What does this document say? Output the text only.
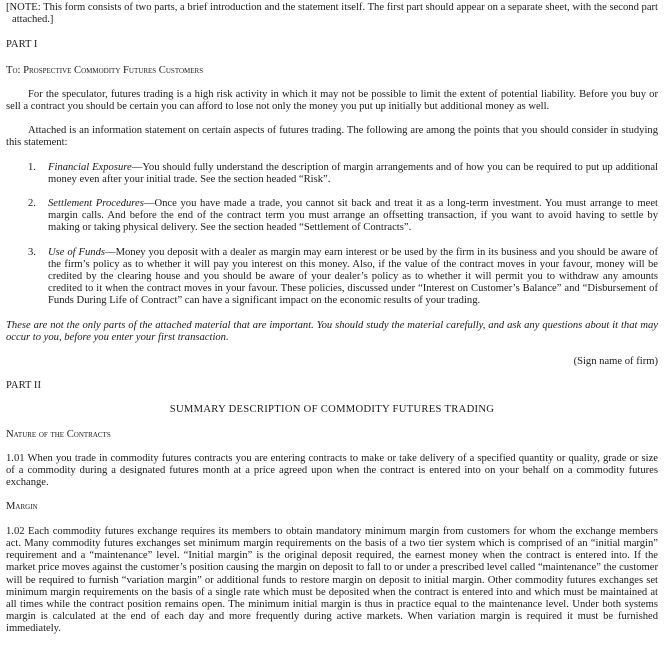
[NOTE: This form consists of two parts, a brief introduction and the statement itself. The first part should appear on a separate sheet, with the second part attached.]

PART I

To: Prospective Commodity Futures Customers

For the speculator, futures trading is a high risk activity in which it may not be possible to limit the extent of potential liability. Before you buy or sell a contract you should be certain you can afford to lose not only the money you put up initially but additional money as well.

Attached is an information statement on certain aspects of futures trading. The following are among the points that you should consider in studying this statement:

1. Financial Exposure—You should fully understand the description of margin arrangements and of how you can be required to put up additional money even after your initial trade. See the section headed “Risk”.
2. Settlement Procedures—Once you have made a trade, you cannot sit back and treat it as a long-term investment. You must arrange to meet margin calls. And before the end of the contract term you must arrange an offsetting transaction, if you want to avoid having to settle by making or taking physical delivery. See the section headed “Settlement of Contracts”.
3. Use of Funds—Money you deposit with a dealer as margin may earn interest or be used by the firm in its business and you should be aware of the firm’s policy as to whether it will pay you interest on this money. Also, if the value of the contract moves in your favour, money will be credited by the clearing house and you should be aware of your dealer’s policy as to whether it will permit you to withdraw any amounts credited to it when the contract moves in your favour. These policies, discussed under “Interest on Customer’s Balance” and “Disbursement of Funds During Life of Contract” can have a significant impact on the economic results of your trading.

These are not the only parts of the attached material that are important. You should study the material carefully, and ask any questions about it that may occur to you, before you enter your first transaction.

(Sign name of firm)

PART II

SUMMARY DESCRIPTION OF COMMODITY FUTURES TRADING

Nature of the Contracts

1.01 When you trade in commodity futures contracts you are entering contracts to make or take delivery of a specified quantity or quality, grade or size of a commodity during a designated futures month at a price agreed upon when the contract is entered into on your behalf on a commodity futures exchange.

Margin

1.02 Each commodity futures exchange requires its members to obtain mandatory minimum margin from customers for whom the exchange members act. Many commodity futures exchanges set minimum margin requirements on the basis of a two tier system which is comprised of an “initial margin” requirement and a “maintenance” level. “Initial margin” is the original deposit required, the earnest money when the contract is entered into. If the market price moves against the customer’s position causing the margin on deposit to fall to or under a prescribed level called “maintenance” the customer will be required to furnish “variation margin” or additional funds to restore margin on deposit to initial margin. Other commodity futures exchanges set minimum margin requirements on the basis of a single rate which must be deposited when the contract is entered into and which must be maintained at all times while the contract position remains open. The minimum initial margin is thus in practice equal to the maintenance level. Under both systems margin is calculated at the end of each day and more frequently during active markets. When variation margin is required it must be furnished immediately.
